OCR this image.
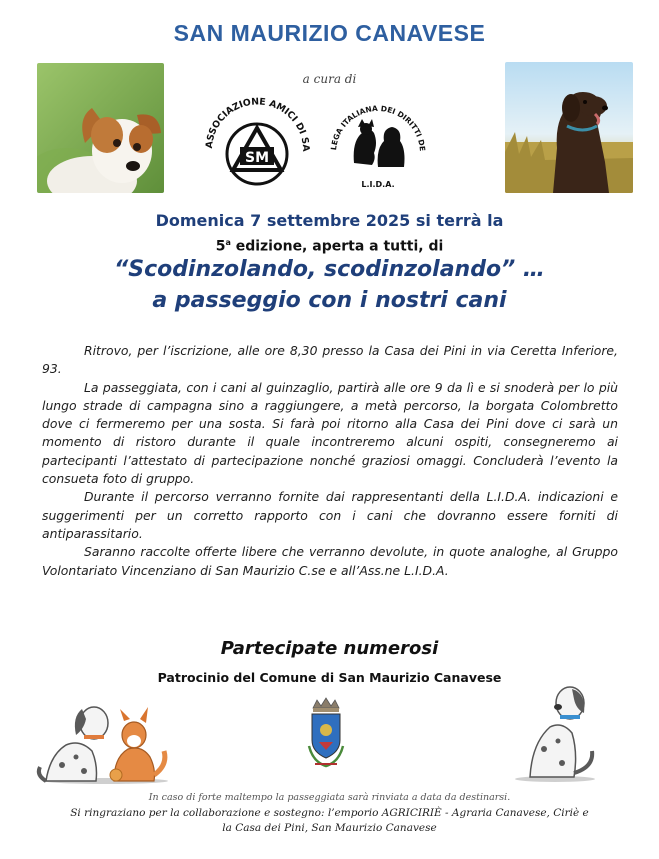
SAN MAURIZIO CANAVESE
a cura di
ASSOCIAZIONE AMICI DI SA
SM
LEGA ITALIANA DEI DIRITTI DE
L.I.D.A.
Domenica 7 settembre 2025 si terrà la
5$^a$ edizione, aperta a tutti, di
“Scodinzolando, scodinzolando” …
a passeggio con i nostri cani

Ritrovo, per l’iscrizione, alle ore 8,30 presso la Casa dei Pini in via Ceretta Inferiore, 93.

La passeggiata, con i cani al guinzaglio, partirà alle ore 9 da lì e si snoderà per lo più lungo strade di campagna sino a raggiungere, a metà percorso, la borgata Colombretto dove ci fermeremo per una sosta. Si farà poi ritorno alla Casa dei Pini dove ci sarà un momento di ristoro durante il quale incontreremo alcuni ospiti, consegneremo ai partecipanti l’attestato di partecipazione nonché graziosi omaggi. Concluderà l’evento la consueta foto di gruppo.

Durante il percorso verranno fornite dai rappresentanti della L.I.D.A. indicazioni e suggerimenti per un corretto rapporto con i cani che dovranno essere forniti di antiparassitario.

Saranno raccolte offerte libere che verranno devolute, in quote analoghe, al Gruppo Volontariato Vincenziano di San Maurizio C.se e all’Ass.ne L.I.D.A.

Partecipate numerosi
Patrocinio del Comune di San Maurizio Canavese
In caso di forte maltempo la passeggiata sarà rinviata a data da destinarsi.
Si ringraziano per la collaborazione e sostegno: l’emporio AGRICIRIÈ - Agraria Canavese, Ciriè e
la Casa dei Pini, San Maurizio Canavese
